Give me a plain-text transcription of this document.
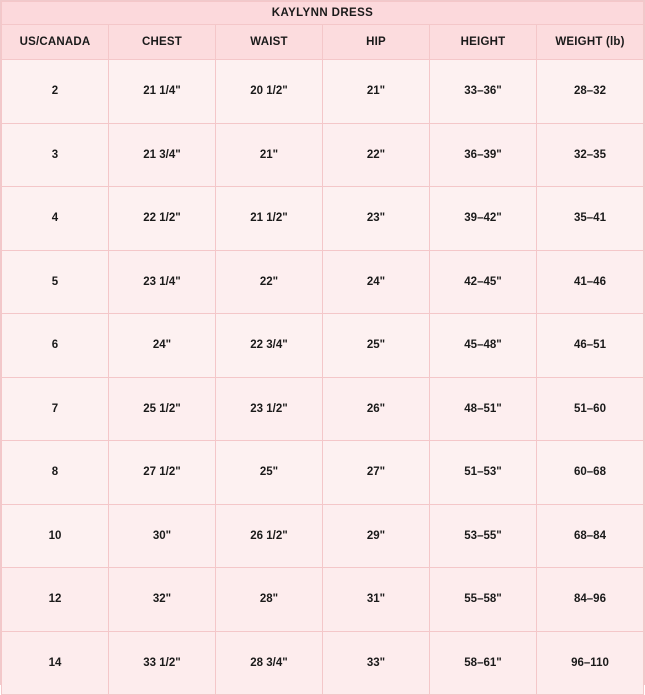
KAYLYNN DRESS					
US/CANADA	CHEST	WAIST	HIP	HEIGHT	WEIGHT (lb)
2	21 1/4"	20 1/2"	21"	33–36"	28–32
3	21 3/4"	21"	22"	36–39"	32–35
4	22 1/2"	21 1/2"	23"	39–42"	35–41
5	23 1/4"	22"	24"	42–45"	41–46
6	24"	22 3/4"	25"	45–48"	46–51
7	25 1/2"	23 1/2"	26"	48–51"	51–60
8	27 1/2"	25"	27"	51–53"	60–68
10	30"	26 1/2"	29"	53–55"	68–84
12	32"	28"	31"	55–58"	84–96
14	33 1/2"	28 3/4"	33"	58–61"	96–110
